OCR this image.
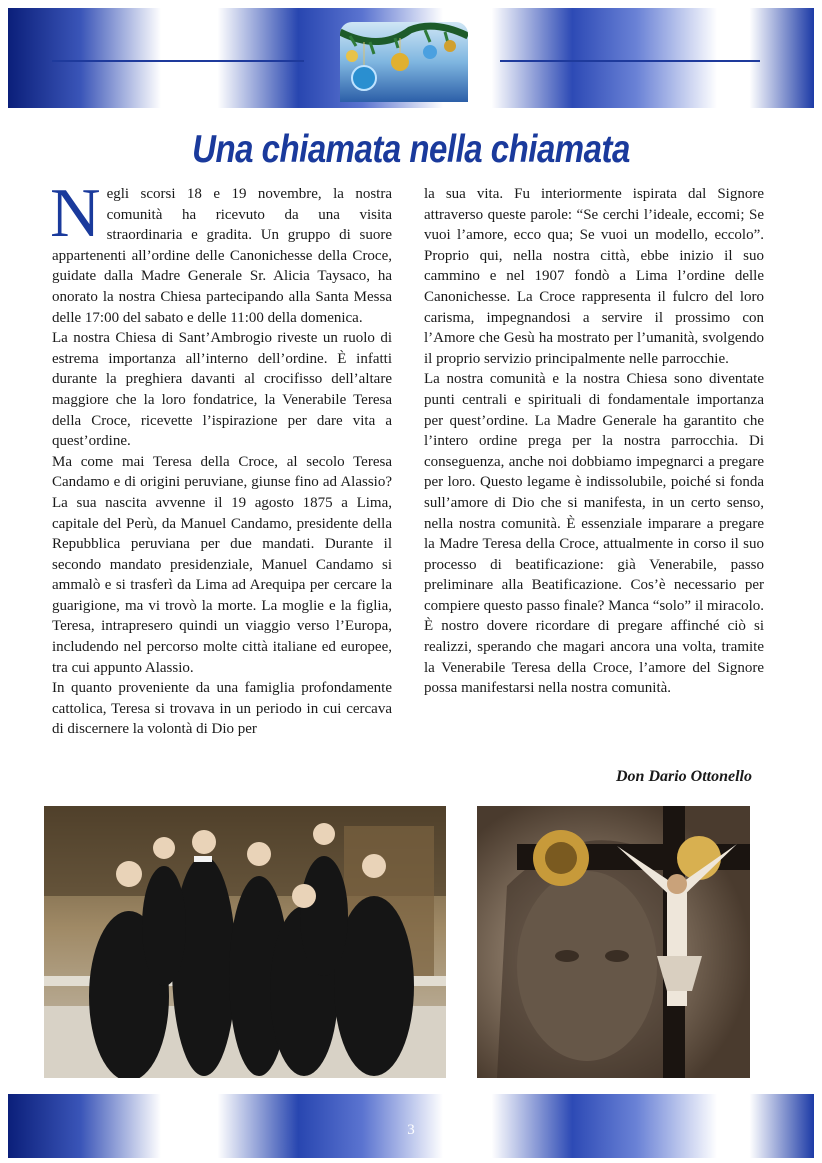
Una chiamata nella chiamata

Negli scorsi 18 e 19 novembre, la nostra comunità ha ricevuto da una visita straordinaria e gradita. Un gruppo di suore appartenenti all’ordine delle Canonichesse della Croce, guidate dalla Madre Generale Sr. Alicia Taysaco, ha onorato la nostra Chiesa partecipando alla Santa Messa delle 17:00 del sabato e delle 11:00 della domenica.

La nostra Chiesa di Sant’Ambrogio riveste un ruolo di estrema importanza all’interno dell’ordine. È infatti durante la preghiera davanti al crocifisso dell’altare maggiore che la loro fondatrice, la Venerabile Teresa della Croce, ricevette l’ispirazione per dare vita a quest’ordine.

Ma come mai Teresa della Croce, al secolo Teresa Candamo e di origini peruviane, giunse fino ad Alassio? La sua nascita avvenne il 19 agosto 1875 a Lima, capitale del Perù, da Manuel Candamo, presidente della Repubblica peruviana per due mandati. Durante il secondo mandato presidenziale, Manuel Candamo si ammalò e si trasferì da Lima ad Arequipa per cercare la guarigione, ma vi trovò la morte. La moglie e la figlia, Teresa, intrapresero quindi un viaggio verso l’Europa, includendo nel percorso molte città italiane ed europee, tra cui appunto Alassio.

In quanto proveniente da una famiglia profondamente cattolica, Teresa si trovava in un periodo in cui cercava di discernere la volontà di Dio per

la sua vita. Fu interiormente ispirata dal Signore attraverso queste parole: “Se cerchi l’ideale, eccomi; Se vuoi l’amore, ecco qua; Se vuoi un modello, eccolo”. Proprio qui, nella nostra città, ebbe inizio il suo cammino e nel 1907 fondò a Lima l’ordine delle Canonichesse. La Croce rappresenta il fulcro del loro carisma, impegnandosi a servire il prossimo con l’Amore che Gesù ha mostrato per l’umanità, svolgendo il proprio servizio principalmente nelle parrocchie.

La nostra comunità e la nostra Chiesa sono diventate punti centrali e spirituali di fondamentale importanza per quest’ordine. La Madre Generale ha garantito che l’intero ordine prega per la nostra parrocchia. Di conseguenza, anche noi dobbiamo impegnarci a pregare per loro. Questo legame è indissolubile, poiché si fonda sull’amore di Dio che si manifesta, in un certo senso, nella nostra comunità. È essenziale imparare a pregare la Madre Teresa della Croce, attualmente in corso il suo processo di beatificazione: già Venerabile, passo preliminare alla Beatificazione. Cos’è necessario per compiere questo passo finale? Manca “solo” il miracolo. È nostro dovere ricordare di pregare affinché ciò si realizzi, sperando che magari ancora una volta, tramite la Venerabile Teresa della Croce, l’amore del Signore possa manifestarsi nella nostra comunità.

Don Dario Ottonello
3
